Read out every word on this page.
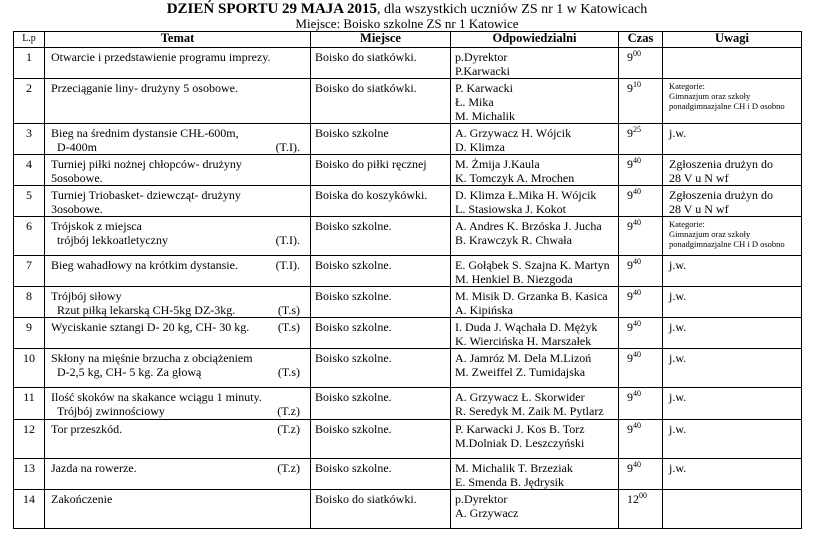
DZIEŃ SPORTU 29 MAJA 2015, dla wszystkich uczniów ZS nr 1 w Katowicach
Miejsce: Boisko szkolne ZS nr 1 Katowice
L.p	Temat	Miejsce	Odpowiedzialni	Czas	Uwagi
1	Otwarcie i przedstawienie programu imprezy.	Boisko do siatkówki.	p.Dyrektor
P.Karwacki	$9^{00}$	
2	Przeciąganie liny- drużyny 5 osobowe.	Boisko do siatkówki.	P. Karwacki
Ł. Mika
M. Michalik	$9^{10}$	Kategorie:
Gimnazjum oraz szkoły
ponadgimnazjalne CH i D osobno

3	Bieg na średnim dystansie CHŁ-600m,
(T.I).
D-400m	Boisko szkolne	A. Grzywacz H. Wójcik
D. Klimza	$9^{25}$	j.w.

4	Turniej piłki nożnej chłopców- drużyny
5osobowe.	Boisko do piłki ręcznej	M. Żmija J.Kaula
K. Tomczyk A. Mrochen	$9^{40}$	Zgłoszenia drużyn do
28 V u N wf

5	Turniej Triobasket- dziewcząt- drużyny
3osobowe.	Boiska do koszykówki.	D. Klimza Ł.Mika H. Wójcik
L. Stasiowska J. Kokot	$9^{40}$	Zgłoszenia drużyn do
28 V u N wf

6	Trójskok z miejsca
(T.I).
trójbój lekkoatletyczny	Boisko szkolne.	A. Andres K. Brzóska J. Jucha
B. Krawczyk R. Chwała	$9^{40}$	Kategorie:
Gimnazjum oraz szkoły
ponadgimnazjalne CH i D osobno

7	(T.I).
Bieg wahadłowy na krótkim dystansie.	Boisko szkolne.	E. Gołąbek S. Szajna K. Martyn
M. Henkiel B. Niezgoda	$9^{40}$	j.w.

8	Trójbój siłowy
(T.s)
Rzut piłką lekarską CH-5kg DZ-3kg.	Boisko szkolne.	M. Misik D. Grzanka B. Kasica
A. Kipińska	$9^{40}$	j.w.

9	(T.s)
Wyciskanie sztangi D- 20 kg, CH- 30 kg.	Boisko szkolne.	I. Duda J. Wąchała D. Mężyk
K. Wiercińska H. Marszałek	$9^{40}$	j.w.

10	Skłony na mięśnie brzucha z obciążeniem
(T.s)
D-2,5 kg, CH- 5 kg. Za głową	Boisko szkolne.	A. Jamróz M. Dela M.Lizoń
M. Zweiffel Z. Tumidajska	$9^{40}$	j.w.

11	Ilość skoków na skakance wciągu 1 minuty.
(T.z)
Trójbój zwinnościowy	Boisko szkolne.	A. Grzywacz Ł. Skorwider
R. Seredyk M. Zaik M. Pytlarz	$9^{40}$	j.w.

12	(T.z)
Tor przeszkód.	Boisko szkolne.	P. Karwacki J. Kos B. Torz
M.Dolniak D. Leszczyński	$9^{40}$	j.w.

13	(T.z)
Jazda na rowerze.	Boisko szkolne.	M. Michalik T. Brzeziak
E. Smenda B. Jędrysik	$9^{40}$	j.w.

14	Zakończenie	Boisko do siatkówki.	p.Dyrektor
A. Grzywacz	$12^{00}$	
